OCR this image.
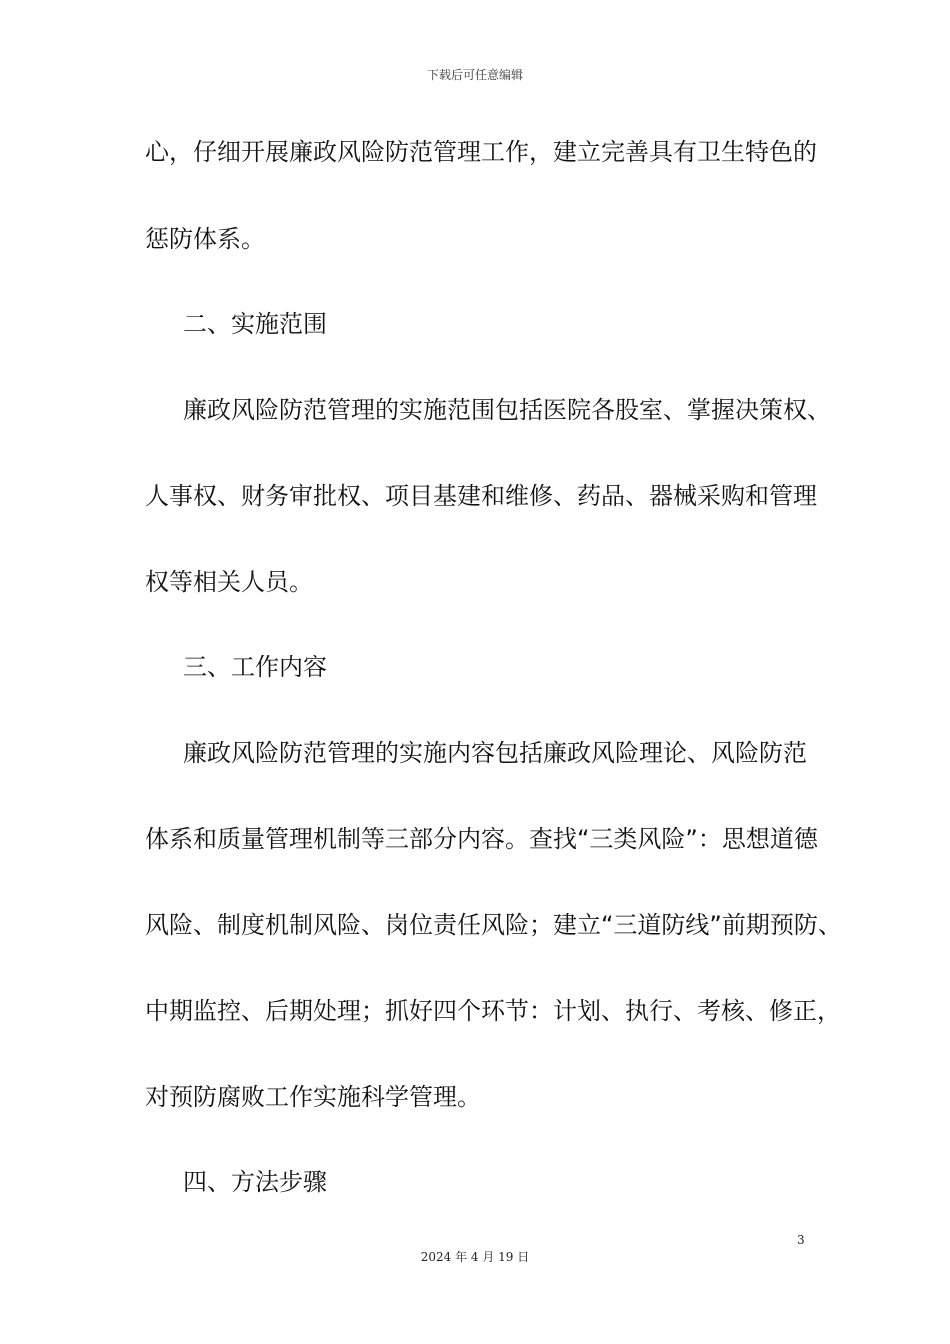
下载后可任意编辑
心，仔细开展廉政风险防范管理工作，建立完善具有卫生特色的
惩防体系。
二、实施范围
廉政风险防范管理的实施范围包括医院各股室、掌握决策权、
人事权、财务审批权、项目基建和维修、药品、器械采购和管理
权等相关人员。
三、工作内容
廉政风险防范管理的实施内容包括廉政风险理论、风险防范
体系和质量管理机制等三部分内容。查找“三类风险”：思想道德
风险、制度机制风险、岗位责任风险；建立“三道防线”前期预防、
中期监控、后期处理；抓好四个环节：计划、执行、考核、修正，
对预防腐败工作实施科学管理。
四、方法步骤
3
2024 年 4 月 19 日
